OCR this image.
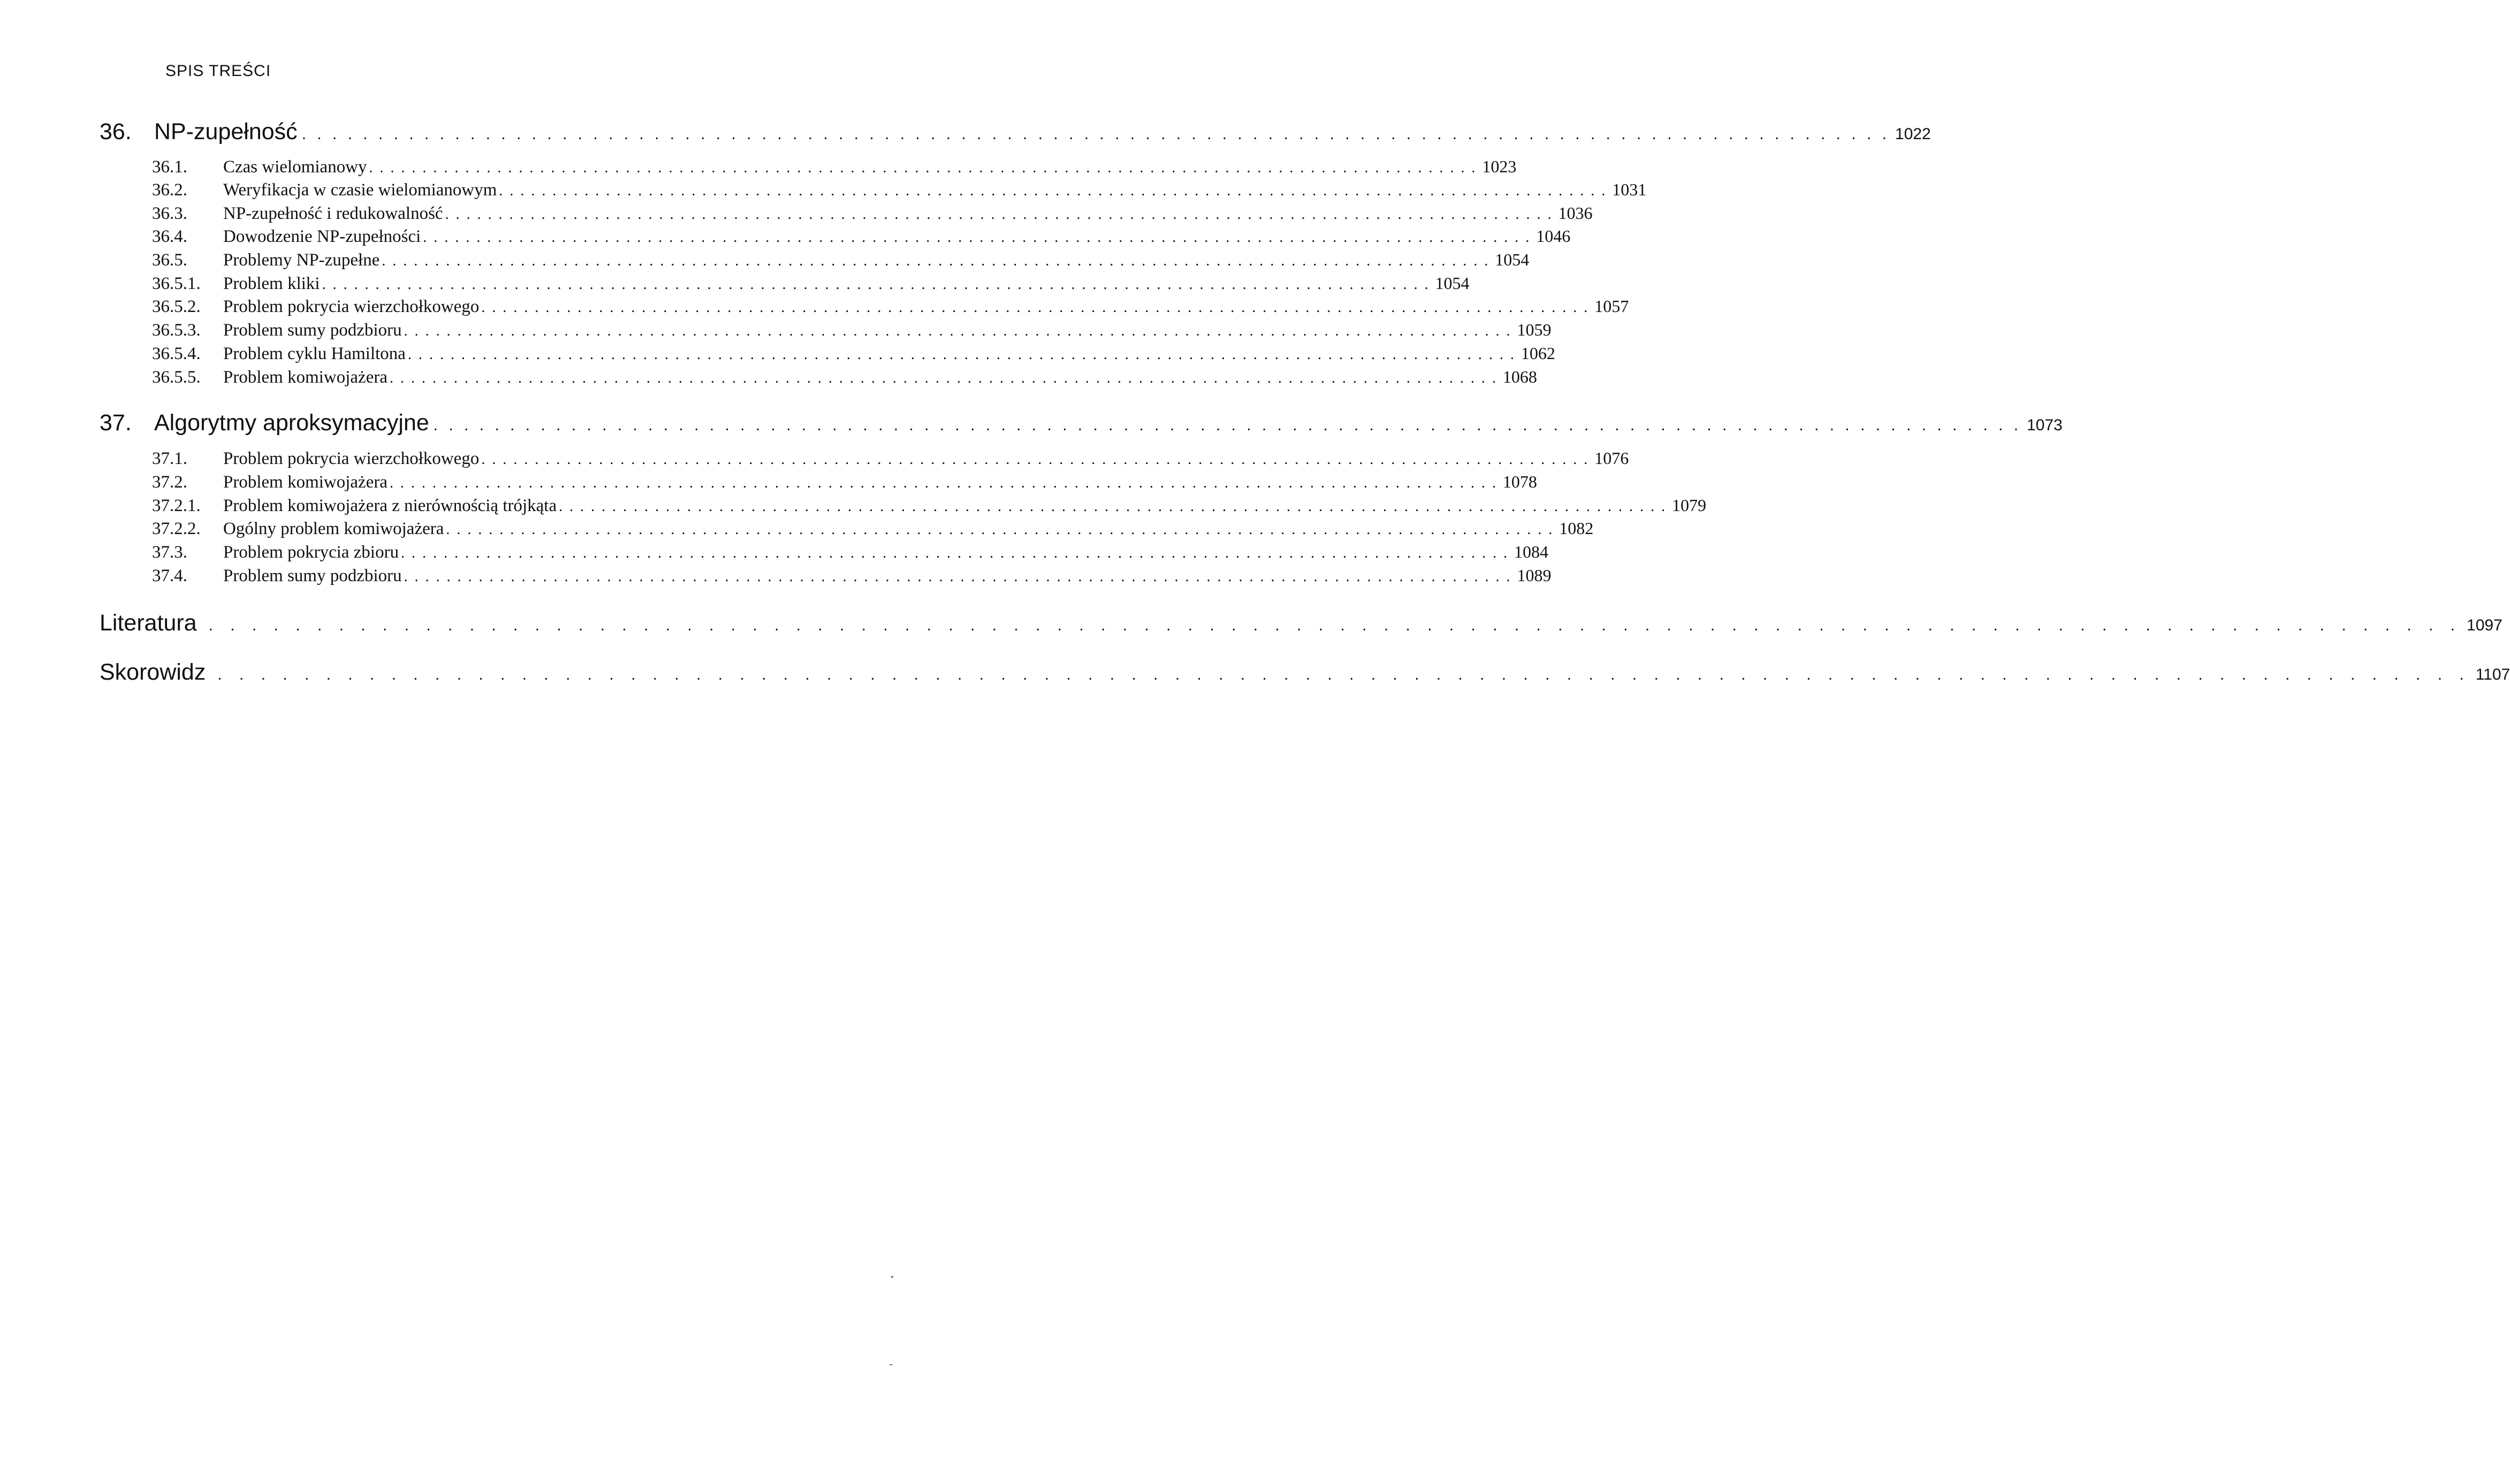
SPIS TREŚCI
36. NP-zupełność . . . . . . . . . . . . . . . . . . . . . . . . . . . . . . . . . . . . . . . . . . . . . . . . . . . . . . . . . . . . . . . . . . . . . . . . . . . . . . . . . . . . . . . . . . . . . . . . . . . . . . . . 1022
36.1.	Czas wielomianowy . . . . . . . . . . . . . . . . . . . . . . . . . . . . . . . . . . . . . . . . . . . . . . . . . . . . . . . . . . . . . . . . . . . . . . . . . . . . . . . . . . . . . . . . . . . . . . . . . . . . . . . . 1023
36.2.	Weryfikacja w czasie wielomianowym . . . . . . . . . . . . . . . . . . . . . . . . . . . . . . . . . . . . . . . . . . . . . . . . . . . . . . . . . . . . . . . . . . . . . . . . . . . . . . . . . . . . . . . . . . . . . . . . . . . . . . . . 1031
36.3.	NP-zupełność i redukowalność . . . . . . . . . . . . . . . . . . . . . . . . . . . . . . . . . . . . . . . . . . . . . . . . . . . . . . . . . . . . . . . . . . . . . . . . . . . . . . . . . . . . . . . . . . . . . . . . . . . . . . . . 1036
36.4.	Dowodzenie NP-zupełności . . . . . . . . . . . . . . . . . . . . . . . . . . . . . . . . . . . . . . . . . . . . . . . . . . . . . . . . . . . . . . . . . . . . . . . . . . . . . . . . . . . . . . . . . . . . . . . . . . . . . . . . 1046
36.5.	Problemy NP-zupełne . . . . . . . . . . . . . . . . . . . . . . . . . . . . . . . . . . . . . . . . . . . . . . . . . . . . . . . . . . . . . . . . . . . . . . . . . . . . . . . . . . . . . . . . . . . . . . . . . . . . . . . . 1054
36.5.1.	Problem kliki . . . . . . . . . . . . . . . . . . . . . . . . . . . . . . . . . . . . . . . . . . . . . . . . . . . . . . . . . . . . . . . . . . . . . . . . . . . . . . . . . . . . . . . . . . . . . . . . . . . . . . . . 1054
36.5.2.	Problem pokrycia wierzchołkowego . . . . . . . . . . . . . . . . . . . . . . . . . . . . . . . . . . . . . . . . . . . . . . . . . . . . . . . . . . . . . . . . . . . . . . . . . . . . . . . . . . . . . . . . . . . . . . . . . . . . . . . . 1057
36.5.3.	Problem sumy podzbioru . . . . . . . . . . . . . . . . . . . . . . . . . . . . . . . . . . . . . . . . . . . . . . . . . . . . . . . . . . . . . . . . . . . . . . . . . . . . . . . . . . . . . . . . . . . . . . . . . . . . . . . . 1059
36.5.4.	Problem cyklu Hamiltona . . . . . . . . . . . . . . . . . . . . . . . . . . . . . . . . . . . . . . . . . . . . . . . . . . . . . . . . . . . . . . . . . . . . . . . . . . . . . . . . . . . . . . . . . . . . . . . . . . . . . . . . 1062
36.5.5.	Problem komiwojażera . . . . . . . . . . . . . . . . . . . . . . . . . . . . . . . . . . . . . . . . . . . . . . . . . . . . . . . . . . . . . . . . . . . . . . . . . . . . . . . . . . . . . . . . . . . . . . . . . . . . . . . . 1068
37. Algorytmy aproksymacyjne . . . . . . . . . . . . . . . . . . . . . . . . . . . . . . . . . . . . . . . . . . . . . . . . . . . . . . . . . . . . . . . . . . . . . . . . . . . . . . . . . . . . . . . . . . . . . . . . . . . . . . . . 1073
37.1.	Problem pokrycia wierzchołkowego . . . . . . . . . . . . . . . . . . . . . . . . . . . . . . . . . . . . . . . . . . . . . . . . . . . . . . . . . . . . . . . . . . . . . . . . . . . . . . . . . . . . . . . . . . . . . . . . . . . . . . . . 1076
37.2.	Problem komiwojażera . . . . . . . . . . . . . . . . . . . . . . . . . . . . . . . . . . . . . . . . . . . . . . . . . . . . . . . . . . . . . . . . . . . . . . . . . . . . . . . . . . . . . . . . . . . . . . . . . . . . . . . . 1078
37.2.1.	Problem komiwojażera z nierównością trójkąta . . . . . . . . . . . . . . . . . . . . . . . . . . . . . . . . . . . . . . . . . . . . . . . . . . . . . . . . . . . . . . . . . . . . . . . . . . . . . . . . . . . . . . . . . . . . . . . . . . . . . . . . 1079
37.2.2.	Ogólny problem komiwojażera . . . . . . . . . . . . . . . . . . . . . . . . . . . . . . . . . . . . . . . . . . . . . . . . . . . . . . . . . . . . . . . . . . . . . . . . . . . . . . . . . . . . . . . . . . . . . . . . . . . . . . . . 1082
37.3.	Problem pokrycia zbioru . . . . . . . . . . . . . . . . . . . . . . . . . . . . . . . . . . . . . . . . . . . . . . . . . . . . . . . . . . . . . . . . . . . . . . . . . . . . . . . . . . . . . . . . . . . . . . . . . . . . . . . . 1084
37.4.	Problem sumy podzbioru . . . . . . . . . . . . . . . . . . . . . . . . . . . . . . . . . . . . . . . . . . . . . . . . . . . . . . . . . . . . . . . . . . . . . . . . . . . . . . . . . . . . . . . . . . . . . . . . . . . . . . . . 1089
Literatura . . . . . . . . . . . . . . . . . . . . . . . . . . . . . . . . . . . . . . . . . . . . . . . . . . . . . . . . . . . . . . . . . . . . . . . . . . . . . . . . . . . . . . . . . . . . . . . . . . . . . . . . 1097
Skorowidz . . . . . . . . . . . . . . . . . . . . . . . . . . . . . . . . . . . . . . . . . . . . . . . . . . . . . . . . . . . . . . . . . . . . . . . . . . . . . . . . . . . . . . . . . . . . . . . . . . . . . . . . 1107
